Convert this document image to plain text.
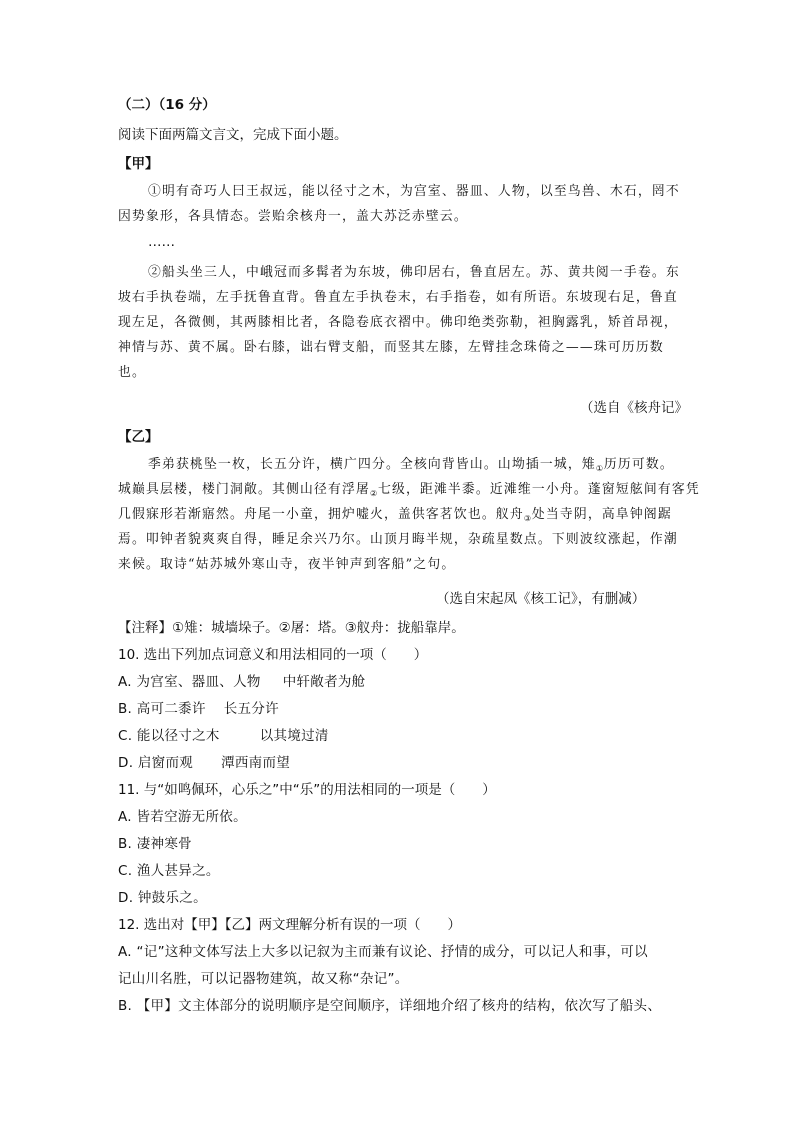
（二）（16 分）
阅读下面两篇文言文，完成下面小题。
【甲】
①明有奇巧人曰王叔远，能以径寸之木，为宫室、器皿、人物，以至鸟兽、木石，罔不
因势象形，各具情态。尝贻余核舟一，盖大苏泛赤壁云。
……
②船头坐三人，中峨冠而多髯者为东坡，佛印居右，鲁直居左。苏、黄共阅一手卷。东
坡右手执卷端，左手抚鲁直背。鲁直左手执卷末，右手指卷，如有所语。东坡现右足，鲁直
现左足，各微侧，其两膝相比者，各隐卷底衣褶中。佛印绝类弥勒，袒胸露乳，矫首昂视，
神情与苏、黄不属。卧右膝，诎右臂支船，而竖其左膝，左臂挂念珠倚之——珠可历历数
也。
（选自《核舟记》
【乙】
季弟获桃坠一枚，长五分许，横广四分。全核向背皆山。山坳插一城，雉 ① 历历可数。
城巅具层楼，楼门洞敞。其侧山径有浮屠 ② 七级，距滩半黍。近滩维一小舟。蓬窗短舷间有客凭
几假寐形若渐寤然。舟尾一小童，拥炉嘘火，盖供客茗饮也。舣舟 ③ 处当寺阴，高阜钟阁踞
焉。叩钟者貌爽爽自得，睡足余兴乃尔。山顶月晦半规，杂疏星数点。下则波纹涨起，作潮
来候。取诗“姑苏城外寒山寺，夜半钟声到客船”之句。
（选自宋起凤《核工记》，有删减）
【注释】①雉：城墙垛子。②屠：塔。③舣舟：拢船靠岸。
10. 选出下列加点词意义和用法相同的一项（　　）
A. 为宫室、器皿、人物 中轩敞者为舱
B. 高可二黍许 长五分许
C. 能以径寸之木	以其境过清
D. 启窗而观 潭西南而望
11. 与“如鸣佩环，心乐之”中“乐”的用法相同的一项是（　　）
A. 皆若空游无所依。
B. 凄神寒骨
C. 渔人甚异之。
D. 钟鼓乐之。
12. 选出对【甲】【乙】两文理解分析有误的一项（　　）
A. “记”这种文体写法上大多以记叙为主而兼有议论、抒情的成分，可以记人和事，可以
记山川名胜，可以记器物建筑，故又称“杂记”。
B. 【甲】文主体部分的说明顺序是空间顺序，详细地介绍了核舟的结构，依次写了船头、
